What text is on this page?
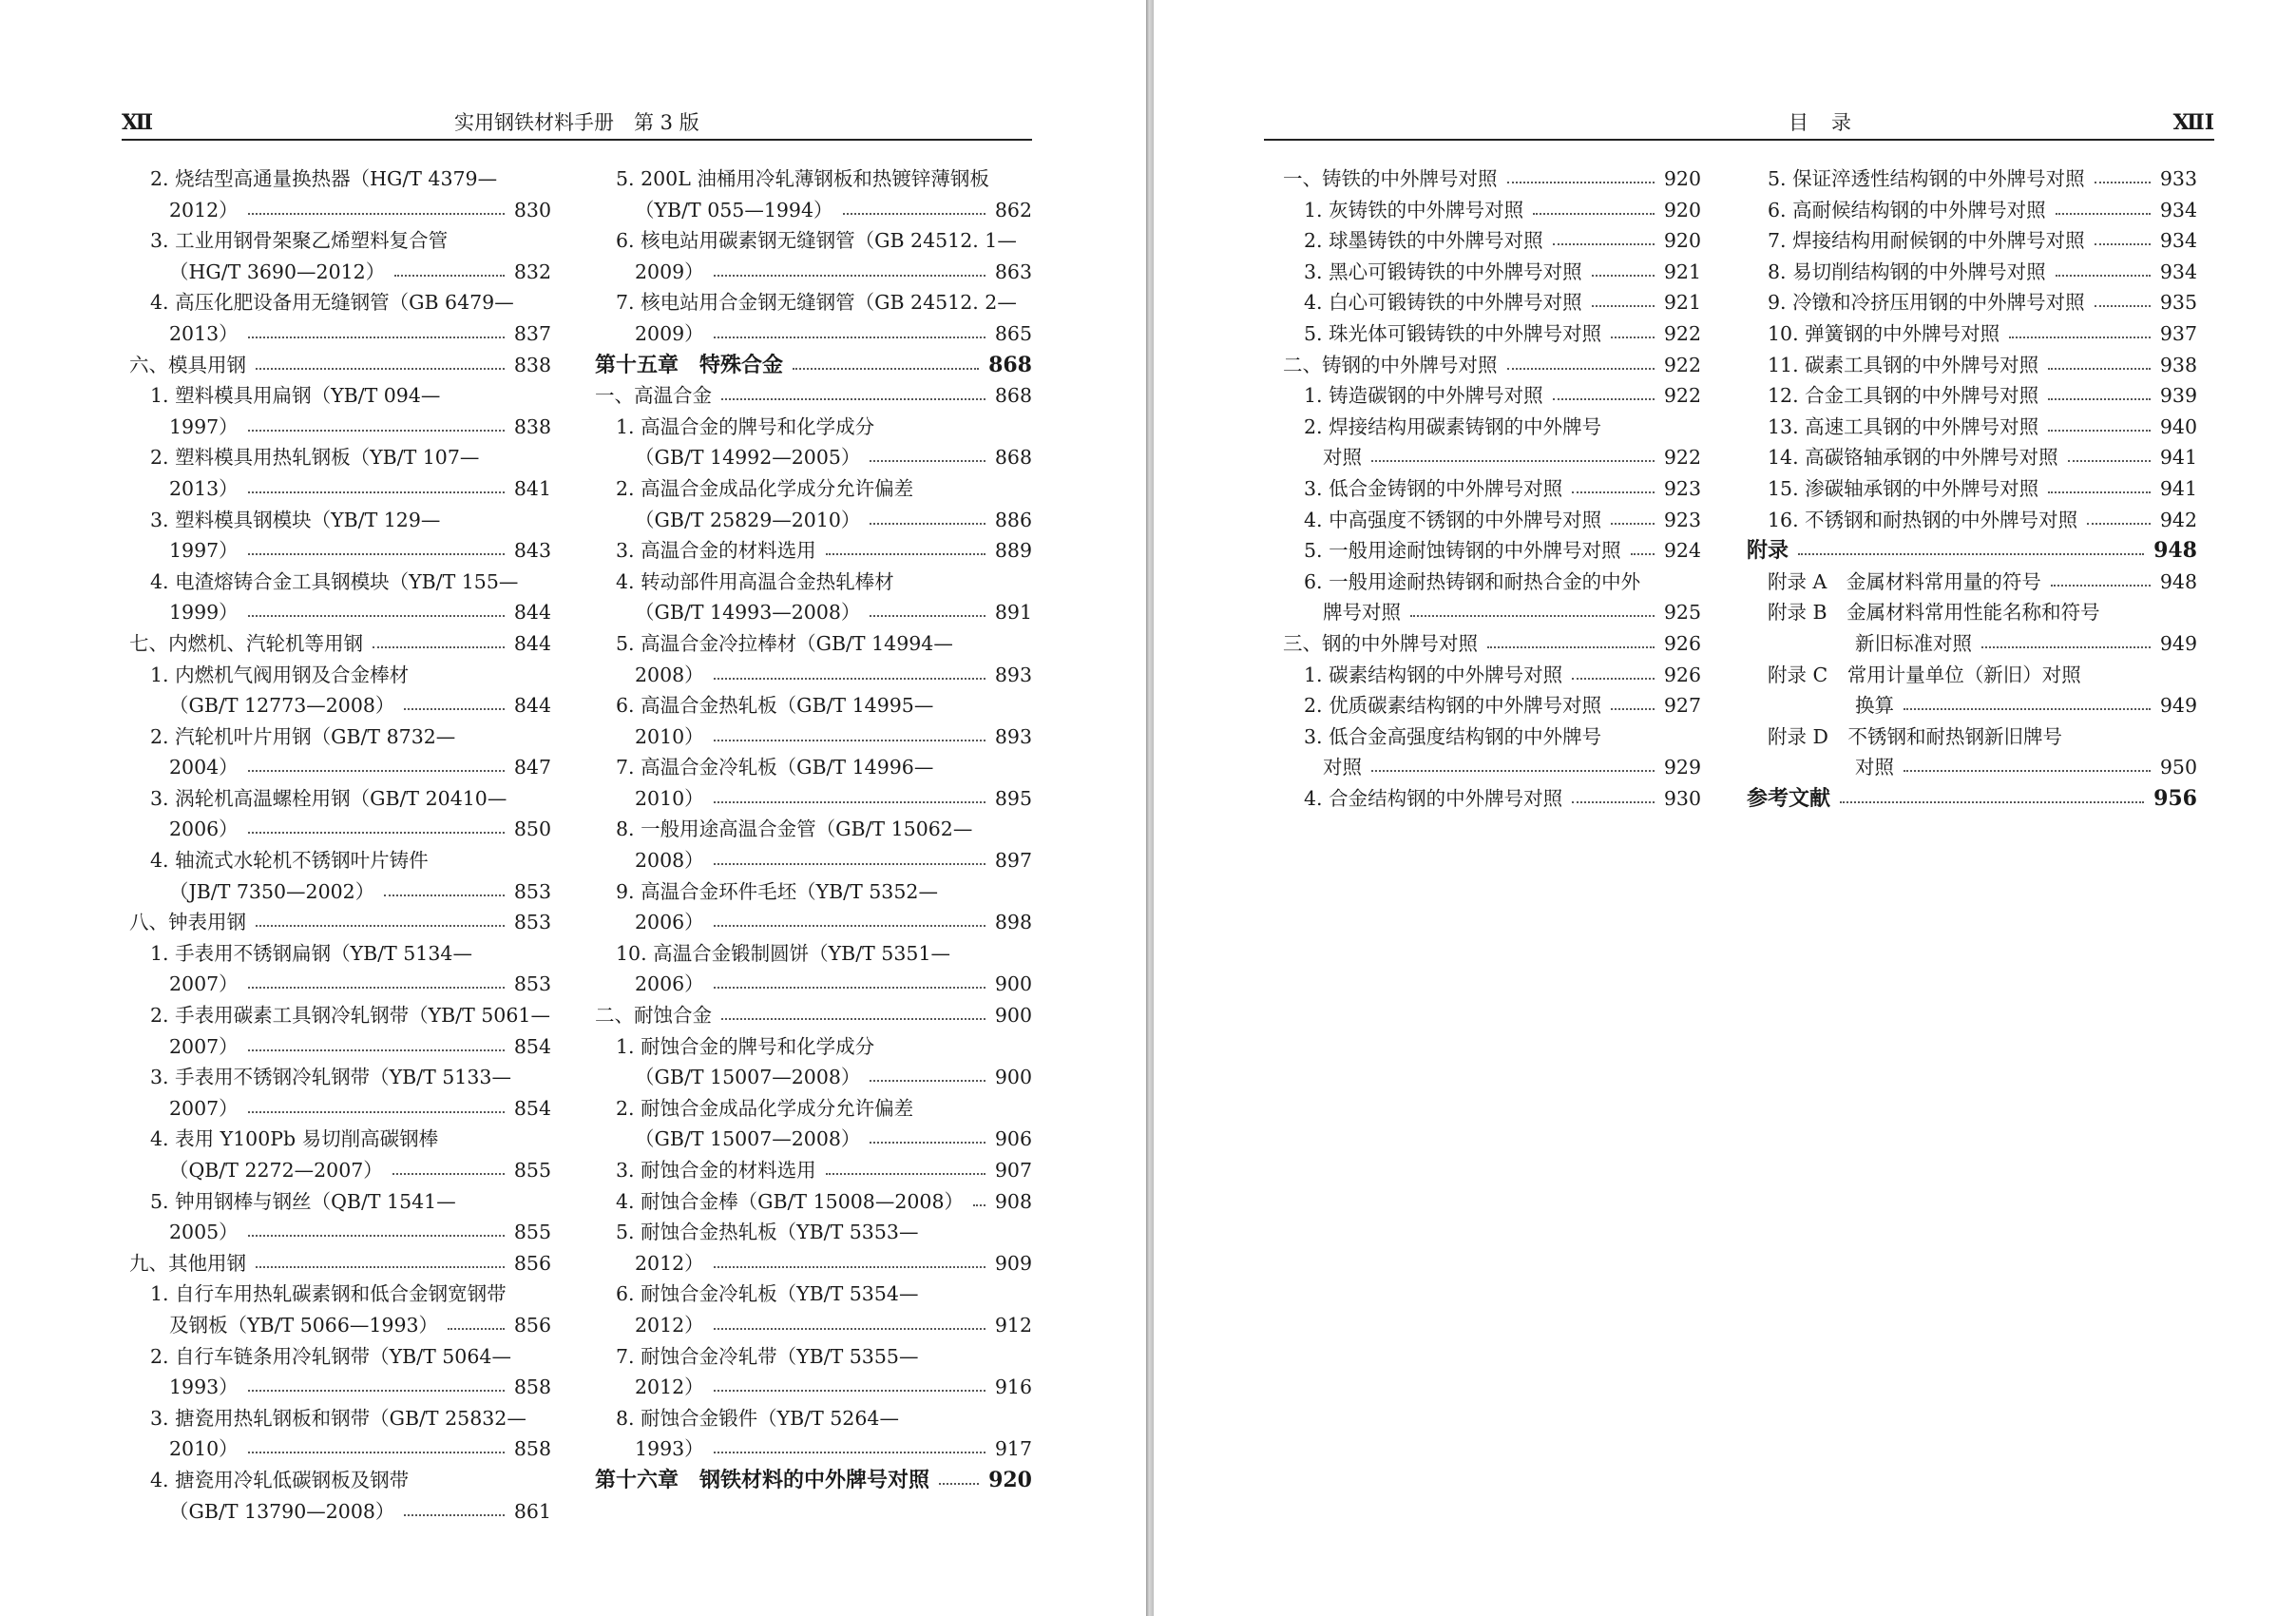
Ⅻ	实用钢铁材料手册　第 3 版
2. 烧结型高通量换热器（HG/T 4379—
2012）	830
3. 工业用钢骨架聚乙烯塑料复合管
（HG/T 3690—2012）	832
4. 高压化肥设备用无缝钢管（GB 6479—
2013）	837
六、模具用钢	838
1. 塑料模具用扁钢（YB/T 094—
1997）	838
2. 塑料模具用热轧钢板（YB/T 107—
2013）	841
3. 塑料模具钢模块（YB/T 129—
1997）	843
4. 电渣熔铸合金工具钢模块（YB/T 155—
1999）	844
七、内燃机、汽轮机等用钢	844
1. 内燃机气阀用钢及合金棒材
（GB/T 12773—2008）	844
2. 汽轮机叶片用钢（GB/T 8732—
2004）	847
3. 涡轮机高温螺栓用钢（GB/T 20410—
2006）	850
4. 轴流式水轮机不锈钢叶片铸件
（JB/T 7350—2002）	853
八、钟表用钢	853
1. 手表用不锈钢扁钢（YB/T 5134—
2007）	853
2. 手表用碳素工具钢冷轧钢带（YB/T 5061—
2007）	854
3. 手表用不锈钢冷轧钢带（YB/T 5133—
2007）	854
4. 表用 Y100Pb 易切削高碳钢棒
（QB/T 2272—2007）	855
5. 钟用钢棒与钢丝（QB/T 1541—
2005）	855
九、其他用钢	856
1. 自行车用热轧碳素钢和低合金钢宽钢带
及钢板（YB/T 5066—1993）	856
2. 自行车链条用冷轧钢带（YB/T 5064—
1993）	858
3. 搪瓷用热轧钢板和钢带（GB/T 25832—
2010）	858
4. 搪瓷用冷轧低碳钢板及钢带
（GB/T 13790—2008）	861
5. 200L 油桶用冷轧薄钢板和热镀锌薄钢板
（YB/T 055—1994）	862
6. 核电站用碳素钢无缝钢管（GB 24512. 1—
2009）	863
7. 核电站用合金钢无缝钢管（GB 24512. 2—
2009）	865
第十五章　特殊合金	868
一、高温合金	868
1. 高温合金的牌号和化学成分
（GB/T 14992—2005）	868
2. 高温合金成品化学成分允许偏差
（GB/T 25829—2010）	886
3. 高温合金的材料选用	889
4. 转动部件用高温合金热轧棒材
（GB/T 14993—2008）	891
5. 高温合金冷拉棒材（GB/T 14994—
2008）	893
6. 高温合金热轧板（GB/T 14995—
2010）	893
7. 高温合金冷轧板（GB/T 14996—
2010）	895
8. 一般用途高温合金管（GB/T 15062—
2008）	897
9. 高温合金环件毛坯（YB/T 5352—
2006）	898
10. 高温合金锻制圆饼（YB/T 5351—
2006）	900
二、耐蚀合金	900
1. 耐蚀合金的牌号和化学成分
（GB/T 15007—2008）	900
2. 耐蚀合金成品化学成分允许偏差
（GB/T 15007—2008）	906
3. 耐蚀合金的材料选用	907
4. 耐蚀合金棒（GB/T 15008—2008） 908
5. 耐蚀合金热轧板（YB/T 5353—
2012）	909
6. 耐蚀合金冷轧板（YB/T 5354—
2012）	912
7. 耐蚀合金冷轧带（YB/T 5355—
2012）	916
8. 耐蚀合金锻件（YB/T 5264—
1993）	917
第十六章　钢铁材料的中外牌号对照	920
目录	ⅫⅠ
一、铸铁的中外牌号对照	920
1. 灰铸铁的中外牌号对照	920
2. 球墨铸铁的中外牌号对照	920
3. 黑心可锻铸铁的中外牌号对照	921
4. 白心可锻铸铁的中外牌号对照	921
5. 珠光体可锻铸铁的中外牌号对照	922
二、铸钢的中外牌号对照	922
1. 铸造碳钢的中外牌号对照	922
2. 焊接结构用碳素铸钢的中外牌号
对照	922
3. 低合金铸钢的中外牌号对照	923
4. 中高强度不锈钢的中外牌号对照	923
5. 一般用途耐蚀铸钢的中外牌号对照 924
6. 一般用途耐热铸钢和耐热合金的中外
牌号对照	925
三、钢的中外牌号对照	926
1. 碳素结构钢的中外牌号对照	926
2. 优质碳素结构钢的中外牌号对照	927
3. 低合金高强度结构钢的中外牌号
对照	929
4. 合金结构钢的中外牌号对照	930
5. 保证淬透性结构钢的中外牌号对照	933
6. 高耐候结构钢的中外牌号对照	934
7. 焊接结构用耐候钢的中外牌号对照	934
8. 易切削结构钢的中外牌号对照	934
9. 冷镦和冷挤压用钢的中外牌号对照	935
10. 弹簧钢的中外牌号对照	937
11. 碳素工具钢的中外牌号对照	938
12. 合金工具钢的中外牌号对照	939
13. 高速工具钢的中外牌号对照	940
14. 高碳铬轴承钢的中外牌号对照	941
15. 渗碳轴承钢的中外牌号对照	941
16. 不锈钢和耐热钢的中外牌号对照	942
附录	948
附录 A　金属材料常用量的符号	948
附录 B　金属材料常用性能名称和符号
新旧标准对照	949
附录 C　常用计量单位（新旧）对照
换算	949
附录 D　不锈钢和耐热钢新旧牌号
对照	950
参考文献	956
